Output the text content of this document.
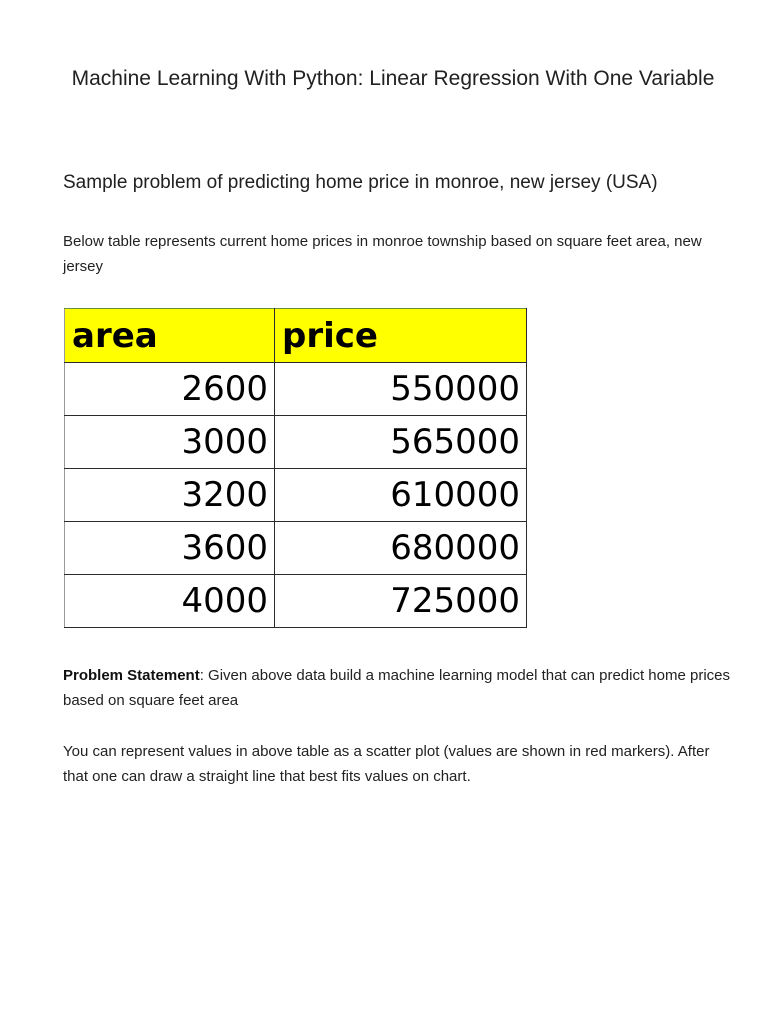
Machine Learning With Python: Linear Regression With One Variable
Sample problem of predicting home price in monroe, new jersey (USA)

Below table represents current home prices in monroe township based on square feet area, new jersey

area	price
2600	550000
3000	565000
3200	610000
3600	680000
4000	725000

Problem Statement: Given above data build a machine learning model that can predict home prices based on square feet area

You can represent values in above table as a scatter plot (values are shown in red markers). After that one can draw a straight line that best fits values on chart.
